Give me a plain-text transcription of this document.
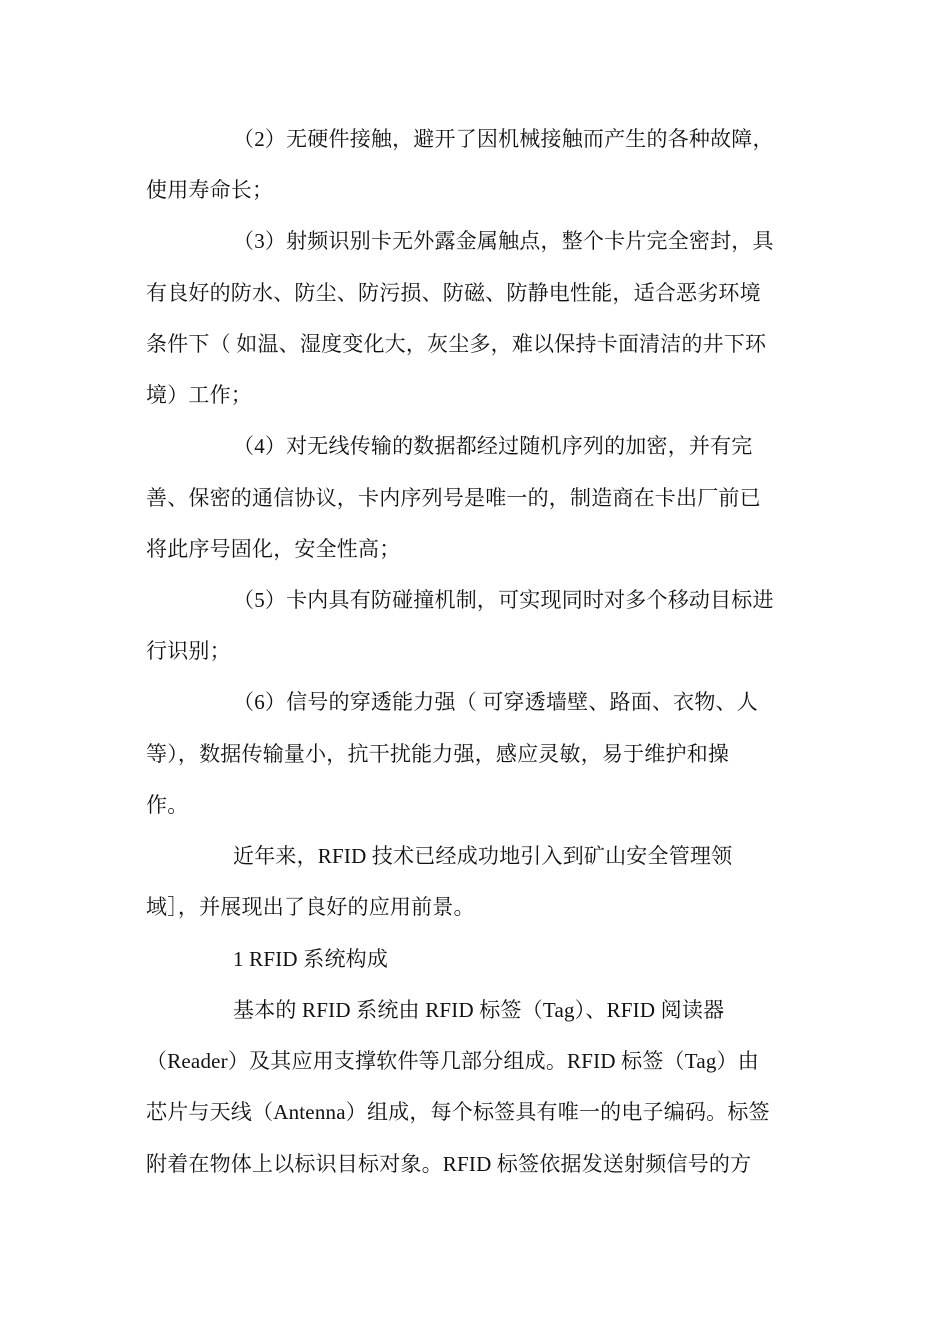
（2）无硬件接触，避开了因机械接触而产生的各种故障，
使用寿命长；
（3）射频识别卡无外露金属触点，整个卡片完全密封，具
有良好的防水、防尘、防污损、防磁、防静电性能，适合恶劣环境
条件下（ 如温、湿度变化大，灰尘多，难以保持卡面清洁的井下环
境）工作；
（4）对无线传输的数据都经过随机序列的加密，并有完
善、保密的通信协议，卡内序列号是唯一的，制造商在卡出厂前已
将此序号固化，安全性高；
（5）卡内具有防碰撞机制，可实现同时对多个移动目标进
行识别；
（6）信号的穿透能力强（ 可穿透墙壁、路面、衣物、人
等），数据传输量小，抗干扰能力强，感应灵敏，易于维护和操
作。
近年来，RFID 技术已经成功地引入到矿山安全管理领
域］，并展现出了良好的应用前景。
1 RFID 系统构成
基本的 RFID 系统由 RFID 标签（Tag）、RFID 阅读器
（Reader）及其应用支撑软件等几部分组成。RFID 标签（Tag）由
芯片与天线（Antenna）组成，每个标签具有唯一的电子编码。标签
附着在物体上以标识目标对象。RFID 标签依据发送射频信号的方
